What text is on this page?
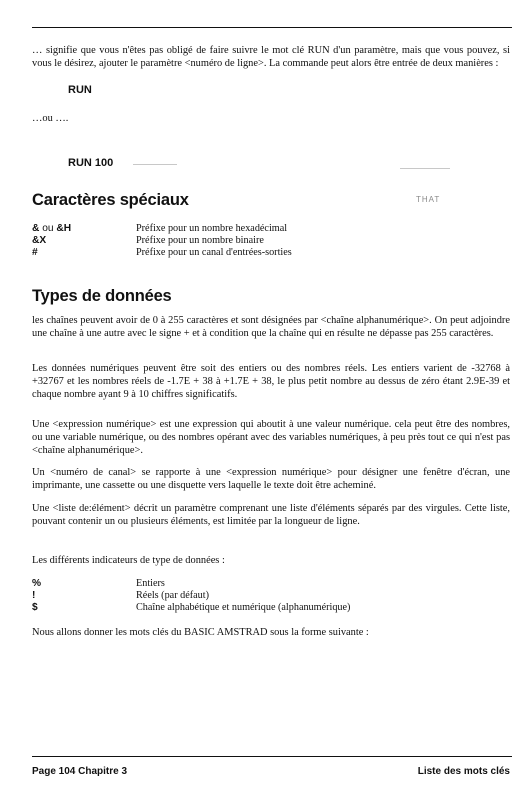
… signifie que vous n'êtes pas obligé de faire suivre le mot clé RUN d'un paramètre, mais que vous pouvez, si vous le désirez, ajouter le paramètre <numéro de ligne>. La commande peut alors être entrée de deux manières :

RUN
…ou ….
RUN 100
THAT
Caractères spéciaux
& ou &H	Préfixe pour un nombre hexadécimal
&X	Préfixe pour un nombre binaire
#	Préfixe pour un canal d'entrées-sorties
Types de données

les chaînes peuvent avoir de 0 à 255 caractères et sont désignées par <chaîne alphanumérique>. On peut adjoindre une chaîne à une autre avec le signe + et à condition que la chaîne qui en résulte ne dépasse pas 255 caractères.

Les données numériques peuvent être soit des entiers ou des nombres réels. Les entiers varient de -32768 à +32767 et les nombres réels de -1.7E + 38 à +1.7E + 38, le plus petit nombre au dessus de zéro étant 2.9E-39 et chaque nombre ayant 9 à 10 chiffres significatifs.

Une <expression numérique> est une expression qui aboutit à une valeur numérique. cela peut être des nombres, ou une variable numérique, ou des nombres opérant avec des variables numériques, à peu près tout ce qui n'est pas <chaîne alphanumérique>.

Un <numéro de canal> se rapporte à une <expression numérique> pour désigner une fenêtre d'écran, une imprimante, une cassette ou une disquette vers laquelle le texte doit être acheminé.

Une <liste de:élément> décrit un paramètre comprenant une liste d'éléments séparés par des virgules. Cette liste, pouvant contenir un ou plusieurs éléments, est limitée par la longueur de ligne.

Les différents indicateurs de type de données :

%	Entiers
!	Réels (par défaut)
$	Chaîne alphabétique et numérique (alphanumérique)

Nous allons donner les mots clés du BASIC AMSTRAD sous la forme suivante :

Page 104 Chapitre 3	Liste des mots clés
